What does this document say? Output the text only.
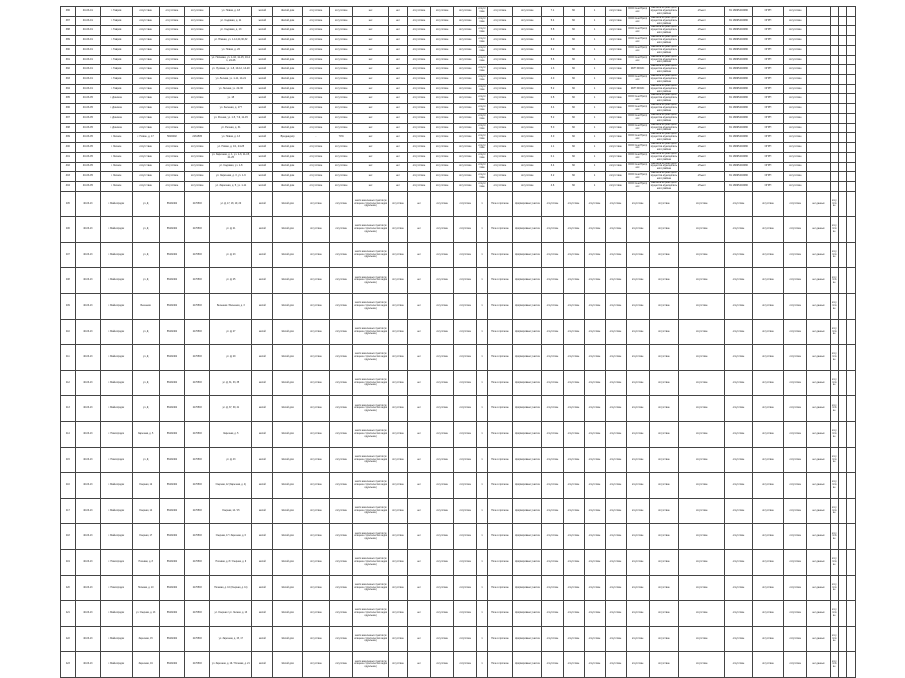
386	40-03-01	г. Тавров	отсутствие	отсутствие	отсутствие	ул. Новая, д. 18	жилой	Жилой дом	отсутствие	отсутствие	нет	нет	отсутствие	отсутствие	отсутствие	отсутствие	отсутствие	отсутствие	7.1	60	1	отсутствие	ООО Сем.Прогресс	Выписка из реестра имущества муниципального района	объект	81 18095403480	ОГРН	отсутствие				
387	40-03-01	г. Тавров	отсутствие	отсутствие	отсутствие	ул. Садовая, д. 11	жилой	Жилой дом	отсутствие	отсутствие	нет	нет	отсутствие	отсутствие	отсутствие	отсутствие	отсутствие	отсутствие	5.4	60	1	отсутствие	ООО Сем.Прогресс	Выписка из реестра имущества муниципального района	объект	81 18095403480	ОГРН	отсутствие				
388	40-03-01	г. Тавров	отсутствие	отсутствие	отсутствие	ул. Садовая, д. 13	жилой	Жилой дом	отсутствие	отсутствие	нет	нет	отсутствие	отсутствие	отсутствие	отсутствие	отсутствие	отсутствие	5.8	60	1	отсутствие	ООО Сем.Прогресс	Выписка из реестра имущества муниципального района	объект	81 18095403480	ОГРН	отсутствие				
389	40-03-01	г. Тавров	отсутствие	отсутствие	отсутствие	ул. Южная, уч. 1-14,24,30,32	жилой	Жилой дом	отсутствие	отсутствие	нет	нет	отсутствие	отсутствие	отсутствие	отсутствие	отсутствие	отсутствие	6.0	60	1	отсутствие	ООО Сем.Прогресс	Выписка из реестра имущества муниципального района	объект	81 18095403480	ОГРН	отсутствие				
390	40-03-01	г. Тавров	отсутствие	отсутствие	отсутствие	ул. Новая, д. 20	жилой	Жилой дом	отсутствие	отсутствие	нет	нет	отсутствие	отсутствие	отсутствие	отсутствие	отсутствие	отсутствие	6.2	60	1	отсутствие	ООО Сем.Прогресс	Выписка из реестра имущества муниципального района	объект	81 18095403480	ОГРН	отсутствие				
391	40-03-01	г. Тавров	отсутствие	отсутствие	отсутствие	ул. Полевая, уч. 1-10, 11-15, 16-21, 24-26	жилой	Жилой дом	отсутствие	отсутствие	нет	нет	отсутствие	отсутствие	отсутствие	отсутствие	отсутствие	отсутствие	5.6	60	1	отсутствие	ООО Сем.Прогресс	Выписка из реестра имущества муниципального района	объект	81 18095403480	ОГРН	отсутствие				
392	40-03-01	г. Тавров	отсутствие	отсутствие	отсутствие	ул. Луговая, уч. 1-8, 10-12, 14-20	жилой	Жилой дом	отсутствие	отсутствие	нет	нет	отсутствие	отсутствие	отсутствие	отсутствие	отсутствие	отсутствие	1.3	60	1	отсутствие	МУП МОКС	Выписка из реестра имущества муниципального района	объект	81 18095403480	ОГРН	отсутствие				
393	40-03-01	г. Тавров	отсутствие	отсутствие	отсутствие	ул. Лесная, уч. 1-11, 14-21	жилой	Жилой дом	отсутствие	отсутствие	нет	нет	отсутствие	отсутствие	отсутствие	отсутствие	отсутствие	отсутствие	4.0	60	1	отсутствие	ООО Сем.Прогресс	Выписка из реестра имущества муниципального района	объект	81 18095403480	ОГРН	отсутствие				
394	40-03-01	г. Тавров	отсутствие	отсутствие	отсутствие	ул. Лесная, уч. 22-30	жилой	Жилой дом	отсутствие	отсутствие	нет	нет	отсутствие	отсутствие	отсутствие	отсутствие	отсутствие	отсутствие	5.2	60	1	отсутствие	МУП МОКС	Выписка из реестра имущества муниципального района	объект	81 18095403480	ОГРН	отсутствие				
395	40-03-05	г. Донское	отсутствие	отсутствие	отсутствие	уч. 18	жилой	Жилой дом	отсутствие	отсутствие	нет	нет	отсутствие	отсутствие	отсутствие	отсутствие	отсутствие	отсутствие	0.8	60	1	отсутствие	ООО Сем.Прогресс	Выписка из реестра имущества муниципального района	объект	81 18095403480	ОГРН	отсутствие				
396	40-03-05	г. Донское	отсутствие	отсутствие	отсутствие	ул. Зеленая, д. 177	жилой	Жилой дом	отсутствие	отсутствие	нет	нет	отсутствие	отсутствие	отсутствие	отсутствие	отсутствие	отсутствие	3.4	60	1	отсутствие	ООО Сем.Прогресс	Выписка из реестра имущества муниципального района	объект	81 18095403480	ОГРН	отсутствие				
397	40-03-05	г. Донское	отсутствие	отсутствие	отсутствие	ул. Речная, уч. 1-5, 7-9, 11-15	жилой	Жилой дом	отсутствие	отсутствие	нет	нет	отсутствие	отсутствие	отсутствие	отсутствие	отсутствие	отсутствие	5.2	60	1	отсутствие	ООО Сем.Прогресс	Выписка из реестра имущества муниципального района	объект	81 18095403480	ОГРН	отсутствие				
398	40-03-05	г. Донское	отсутствие	отсутствие	отсутствие	ул. Речная, д. 31	жилой	Жилой дом	отсутствие	отсутствие	нет	нет	отсутствие	отсутствие	отсутствие	отсутствие	отсутствие	отсутствие	5.0	60	1	отсутствие	ООО Сем.Прогресс	Выписка из реестра имущества муниципального района	объект	81 18095403480	ОГРН	отсутствие				
399	40-03-05	г. Лесное	г. Новое, д. 17	5618402	2161505	ул. Новая, д. 13	жилой	Вреднадзор	-	70%	нет	нет	отсутствие	отсутствие	отсутствие	отсутствие	отсутствие	отсутствие	3.0	60	1	отсутствие	ООО Сем.Прогресс	Выписка из реестра имущества муниципального района	объект	81 18095403480	ОГРН	отсутствие				
400	40-03-05	г. Лесное	отсутствие	отсутствие	отсутствие	ул. Новая, д. 1/1, 24-25	жилой	Жилой дом	отсутствие	отсутствие	нет	нет	отсутствие	отсутствие	отсутствие	отсутствие	отсутствие	отсутствие	1.1	60	1	отсутствие	ООО Сем.Прогресс	Выписка из реестра имущества муниципального района	объект	81 18095403480	ОГРН	отсутствие				
401	40-03-05	г. Лесное	отсутствие	отсутствие	отсутствие	ул. Заречная, д. 1, уч. 1-6, 11-15, 21-25	жилой	Жилой дом	отсутствие	отсутствие	нет	нет	отсутствие	отсутствие	отсутствие	отсутствие	отсутствие	отсутствие	0.1	60	1	отсутствие	ООО Сем.Прогресс	Выписка из реестра имущества муниципального района	объект	81 18095403480	ОГРН	отсутствие				
402	40-03-05	г. Лесное	отсутствие	отсутствие	отсутствие	ул. Садовая, уч. 1-8	жилой	Жилой дом	отсутствие	отсутствие	нет	нет	отсутствие	отсутствие	отсутствие	отсутствие	отсутствие	отсутствие	3.4	60	1	отсутствие	ООО Сем.Прогресс	Выписка из реестра имущества муниципального района	объект	81 18095403480	ОГРН	отсутствие				
403	40-03-05	г. Лесное	отсутствие	отсутствие	отсутствие	ул. Заречная, д. 3, уч. 1-9	жилой	Жилой дом	отсутствие	отсутствие	нет	нет	отсутствие	отсутствие	отсутствие	отсутствие	отсутствие	отсутствие	3.2	60	1	отсутствие	ООО Сем.Прогресс	Выписка из реестра имущества муниципального района	объект	81 18095403480	ОГРН	отсутствие				
404	40-03-05	г. Лесное	отсутствие	отсутствие	отсутствие	ул. Заречная, д. 5, уч. 1-11	жилой	Жилой дом	отсутствие	отсутствие	нет	нет	отсутствие	отсутствие	отсутствие	отсутствие	отсутствие	отсутствие	4.6	60	1	отсутствие	ООО Сем.Прогресс	Выписка из реестра имущества муниципального района	объект	81 18095403480	ОГРН	отсутствие				
405	40-03-13	г. Майнгородок	ул. Д	56162402	2176503	ул. Д, 17, 18, 19, 20	жилой	Жилой дом	отсутствие	отсутствие	земли населенных пунктов (жилищное строительство индивидуальное)	отсутствие	нет	отсутствие	отсутствие	1	Поле в прогнозе	сформировано участка	отсутствие	отсутствие	отсутствие	отсутствие	отсутствие	отсутствие	отсутствие	отсутствие	отсутствие	отсутствие	нет данных	отсутствие		
406	40-03-13	г. Майнгородок	ул. Д	56162402	2176503	ул. Д, 21	жилой	Жилой дом	отсутствие	отсутствие	земли населенных пунктов (жилищное строительство индивидуальное)	отсутствие	нет	отсутствие	отсутствие	1	Поле в прогнозе	сформировано участка	отсутствие	отсутствие	отсутствие	отсутствие	отсутствие	отсутствие	отсутствие	отсутствие	отсутствие	отсутствие	нет данных	отсутствие		
407	40-03-13	г. Майнгородок	ул. Д	56162402	2176503	ул. Д, 23	жилой	Жилой дом	отсутствие	отсутствие	земли населенных пунктов (жилищное строительство индивидуальное)	отсутствие	нет	отсутствие	отсутствие	1	Поле в прогнозе	сформировано участка	отсутствие	отсутствие	отсутствие	отсутствие	отсутствие	отсутствие	отсутствие	отсутствие	отсутствие	отсутствие	нет данных	отсутствие		
408	40-03-13	г. Майнгородок	ул. Д	56162402	2176503	ул. Д, 25	жилой	Жилой дом	отсутствие	отсутствие	земли населенных пунктов (жилищное строительство индивидуальное)	отсутствие	нет	отсутствие	отсутствие	1	Поле в прогнозе	сформировано участка	отсутствие	отсутствие	отсутствие	отсутствие	отсутствие	отсутствие	отсутствие	отсутствие	отсутствие	отсутствие	нет данных	отсутствие		
409	40-03-13	г. Майнгородок	Весенняя	56162402	2176503	Весенняя / Весенняя, д. 3	жилой	Жилой дом	отсутствие	отсутствие	земли населенных пунктов (жилищное строительство индивидуальное)	отсутствие	нет	отсутствие	отсутствие	1	Поле в прогнозе	сформировано участка	отсутствие	отсутствие	отсутствие	отсутствие	отсутствие	отсутствие	отсутствие	отсутствие	отсутствие	отсутствие	нет данных	отсутствие		
410	40-03-13	г. Майнгородок	ул. Д	56162402	2176503	ул. Д, 27	жилой	Жилой дом	отсутствие	отсутствие	земли населенных пунктов (жилищное строительство индивидуальное)	отсутствие	нет	отсутствие	отсутствие	1	Поле в прогнозе	сформировано участка	отсутствие	отсутствие	отсутствие	отсутствие	отсутствие	отсутствие	отсутствие	отсутствие	отсутствие	отсутствие	нет данных	отсутствие		
411	40-03-13	г. Майнгородок	ул. Д	56162402	2176503	ул. Д, 29	жилой	Жилой дом	отсутствие	отсутствие	земли населенных пунктов (жилищное строительство индивидуальное)	отсутствие	нет	отсутствие	отсутствие	1	Поле в прогнозе	сформировано участка	отсутствие	отсутствие	отсутствие	отсутствие	отсутствие	отсутствие	отсутствие	отсутствие	отсутствие	отсутствие	нет данных	отсутствие		
412	40-03-13	г. Майнгородок	ул. Д	56162402	2176503	ул. Д, 31, 33, 35	жилой	Жилой дом	отсутствие	отсутствие	земли населенных пунктов (жилищное строительство индивидуальное)	отсутствие	нет	отсутствие	отсутствие	1	Поле в прогнозе	сформировано участка	отсутствие	отсутствие	отсутствие	отсутствие	отсутствие	отсутствие	отсутствие	отсутствие	отсутствие	отсутствие	нет данных	отсутствие		
413	40-03-13	г. Майнгородок	ул. Д	56162402	2176503	ул. Д, 37, 39, 41	жилой	Жилой дом	отсутствие	отсутствие	земли населенных пунктов (жилищное строительство индивидуальное)	отсутствие	нет	отсутствие	отсутствие	1	Поле в прогнозе	сформировано участка	отсутствие	отсутствие	отсутствие	отсутствие	отсутствие	отсутствие	отсутствие	отсутствие	отсутствие	отсутствие	нет данных	отсутствие		
414	40-03-13	г. Новогородок	Заречная, д. 5	56162402	2176503	Заречная, д. 5	жилой	Жилой дом	отсутствие	отсутствие	земли населенных пунктов (жилищное строительство индивидуальное)	отсутствие	нет	отсутствие	отсутствие	1	Поле в прогнозе	сформировано участка	отсутствие	отсутствие	отсутствие	отсутствие	отсутствие	отсутствие	отсутствие	отсутствие	отсутствие	отсутствие	нет данных	отсутствие		
415	40-03-13	г. Новогородок	ул. Д	56162402	2176503	ул. Д, 43	жилой	Жилой дом	отсутствие	отсутствие	земли населенных пунктов (жилищное строительство индивидуальное)	отсутствие	нет	отсутствие	отсутствие	1	Поле в прогнозе	сформировано участка	отсутствие	отсутствие	отсутствие	отсутствие	отсутствие	отсутствие	отсутствие	отсутствие	отсутствие	отсутствие	нет данных	отсутствие		
416	40-03-13	г. Майнгородок	Озерная, 12	56162402	2176503	Озерная, 12 (Заречная, д. 4)	жилой	Жилой дом	отсутствие	отсутствие	земли населенных пунктов (жилищное строительство индивидуальное)	отсутствие	нет	отсутствие	отсутствие	1	Поле в прогнозе	сформировано участка	отсутствие	отсутствие	отсутствие	отсутствие	отсутствие	отсутствие	отсутствие	отсутствие	отсутствие	отсутствие	нет данных	отсутствие		
417	40-03-13	г. Майнгородок	Озерная, 14	56162402	2176503	Озерная, 14 / 15	жилой	Жилой дом	отсутствие	отсутствие	земли населенных пунктов (жилищное строительство индивидуальное)	отсутствие	нет	отсутствие	отсутствие	1	Поле в прогнозе	сформировано участка	отсутствие	отсутствие	отсутствие	отсутствие	отсутствие	отсутствие	отсутствие	отсутствие	отсутствие	отсутствие	нет данных	отсутствие		
418	40-03-13	г. Майнгородок	Озерная, 17	56162402	2176503	Озерная, 17 / Заречная, д. 6	жилой	Жилой дом	отсутствие	отсутствие	земли населенных пунктов (жилищное строительство индивидуальное)	отсутствие	нет	отсутствие	отсутствие	1	Поле в прогнозе	сформировано участка	отсутствие	отсутствие	отсутствие	отсутствие	отсутствие	отсутствие	отсутствие	отсутствие	отсутствие	отсутствие	нет данных	отсутствие		
419	40-03-13	г. Новогородок	Полевая, д. 8	56162402	2176503	Полевая, д. 8 / Озерная, д. 9	жилой	Жилой дом	отсутствие	отсутствие	земли населенных пунктов (жилищное строительство индивидуальное)	отсутствие	нет	отсутствие	отсутствие	1	Поле в прогнозе	сформировано участка	отсутствие	отсутствие	отсутствие	отсутствие	отсутствие	отсутствие	отсутствие	отсутствие	отсутствие	отсутствие	нет данных	отсутствие		
420	40-03-13	г. Новогородок	Полевая, д. 10	56162402	2176503	Полевая, д. 10 (Озерная, д. 11)	жилой	Жилой дом	отсутствие	отсутствие	земли населенных пунктов (жилищное строительство индивидуальное)	отсутствие	нет	отсутствие	отсутствие	1	Поле в прогнозе	сформировано участка	отсутствие	отсутствие	отсутствие	отсутствие	отсутствие	отсутствие	отсутствие	отсутствие	отсутствие	отсутствие	нет данных	отсутствие		
421	40-03-13	г. Майнгородок	ул. Озерная, д. 13	56162402	2176503	ул. Озерная / ул. Лесная, д. 13	жилой	Жилой дом	отсутствие	отсутствие	земли населенных пунктов (жилищное строительство индивидуальное)	отсутствие	нет	отсутствие	отсутствие	1	Поле в прогнозе	сформировано участка	отсутствие	отсутствие	отсутствие	отсутствие	отсутствие	отсутствие	отсутствие	отсутствие	отсутствие	отсутствие	нет данных	отсутствие		
422	40-03-13	г. Майнгородок	Заречная, 15	56162402	2176503	ул. Заречная, д. 15, 17	жилой	Жилой дом	отсутствие	отсутствие	земли населенных пунктов (жилищное строительство индивидуальное)	отсутствие	нет	отсутствие	отсутствие	1	Поле в прогнозе	сформировано участка	отсутствие	отсутствие	отсутствие	отсутствие	отсутствие	отсутствие	отсутствие	отсутствие	отсутствие	отсутствие	нет данных	отсутствие		
423	40-03-13	г. Майнгородок	Заречная, 19	56162402	2176503	ул. Заречная, д. 19 / Полевая, д. 21	жилой	Жилой дом	отсутствие	отсутствие	земли населенных пунктов (жилищное строительство индивидуальное)	отсутствие	нет	отсутствие	отсутствие	1	Поле в прогнозе	сформировано участка	отсутствие	отсутствие	отсутствие	отсутствие	отсутствие	отсутствие	отсутствие	отсутствие	отсутствие	отсутствие	нет данных	отсутствие		
